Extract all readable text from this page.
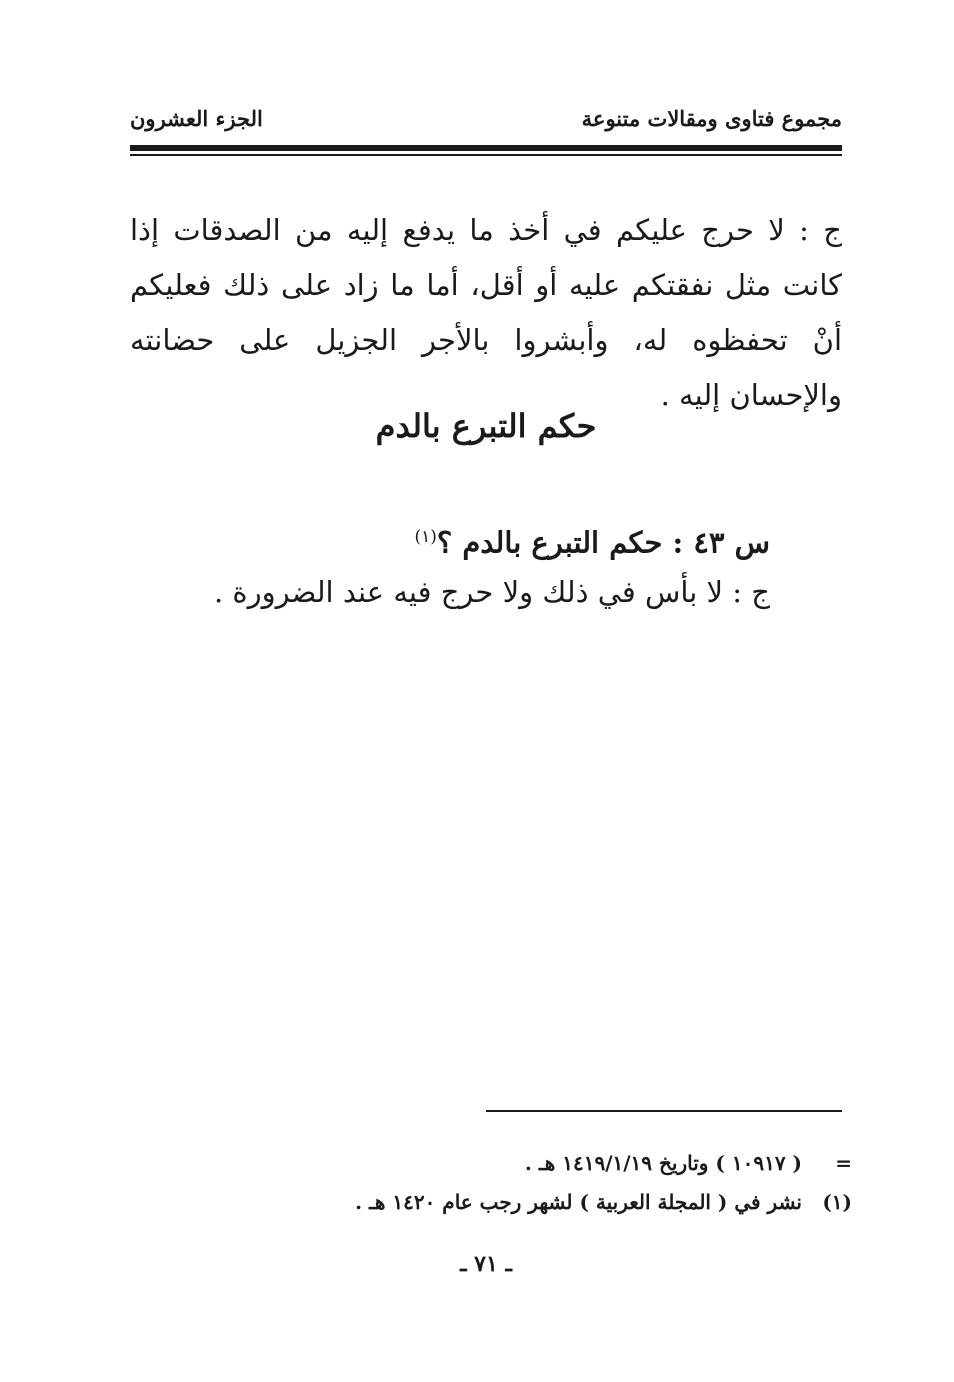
مجموع فتاوى ومقالات متنوعة
الجزء العشرون

ج : لا حرج عليكم في أخذ ما يدفع إليه من الصدقات إذا كانت مثل نفقتكم عليه أو أقل، أما ما زاد على ذلك فعليكم أنْ تحفظوه له، وأبشروا بالأجر الجزيل على حضانته والإحسان إليه .

حكم التبرع بالدم

س ٤٣ : حكم التبرع بالدم ؟$^{(١)}$

ج : لا بأس في ذلك ولا حرج فيه عند الضرورة .

=( ١٠٩١٧ ) وتاريخ ١٤١٩/١/١٩ هـ .

(١)نشر في ( المجلة العربية ) لشهر رجب عام ١٤٢٠ هـ .

ـ ٧١ ـ
